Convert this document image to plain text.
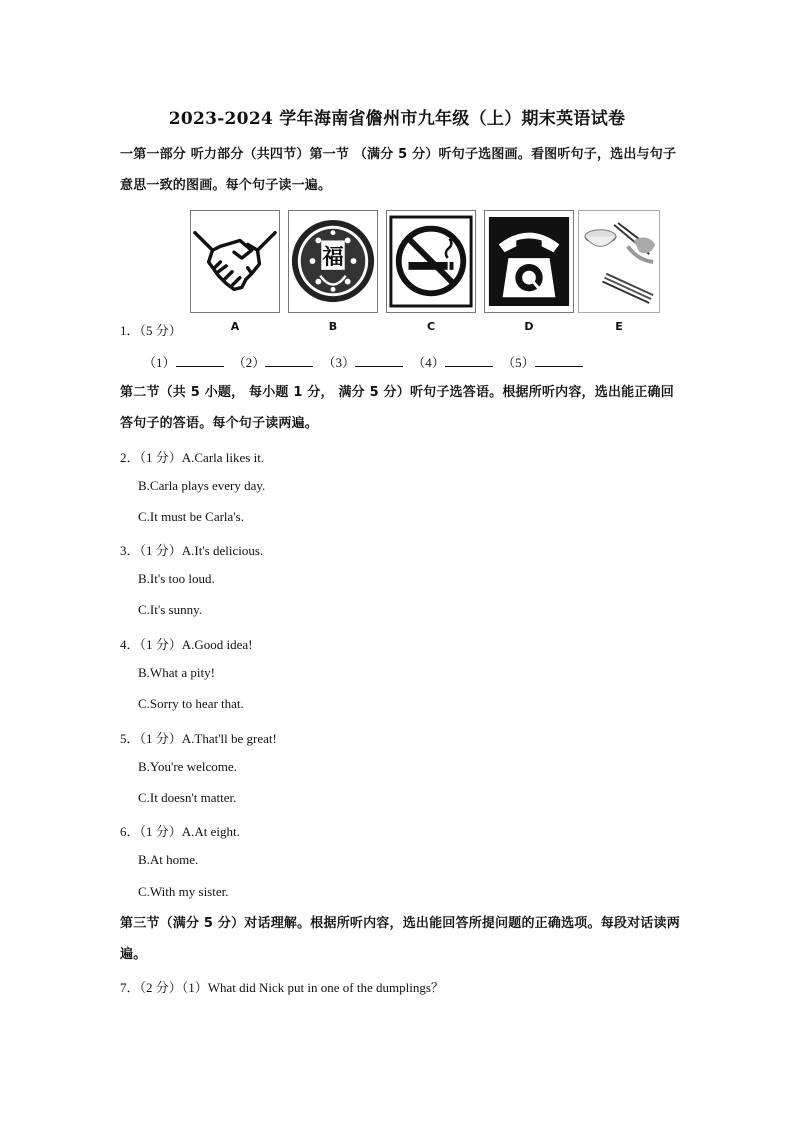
2023-2024 学年海南省儋州市九年级（上）期末英语试卷
一第一部分 听力部分（共四节）第一节 （满分 5 分）听句子选图画。看图听句子，选出与句子意思一致的图画。每个句子读一遍。
福
1．（5 分）	A	B	C	D	E
（1）	（2）	（3）	（4）	（5）
第二节（共 5 小题， 每小题 1 分， 满分 5 分）听句子选答语。根据所听内容，选出能正确回答句子的答语。每个句子读两遍。
2．（1 分）A.Carla likes it.
B.Carla plays every day.
C.It must be Carla's.
3．（1 分）A.It's delicious.
B.It's too loud.
C.It's sunny.
4．（1 分）A.Good idea!
B.What a pity!
C.Sorry to hear that.
5．（1 分）A.That'll be great!
B.You're welcome.
C.It doesn't matter.
6．（1 分）A.At eight.
B.At home.
C.With my sister.
第三节（满分 5 分）对话理解。根据所听内容，选出能回答所提问题的正确选项。每段对话读两遍。
7．（2 分）（1）What did Nick put in one of the dumplings？
